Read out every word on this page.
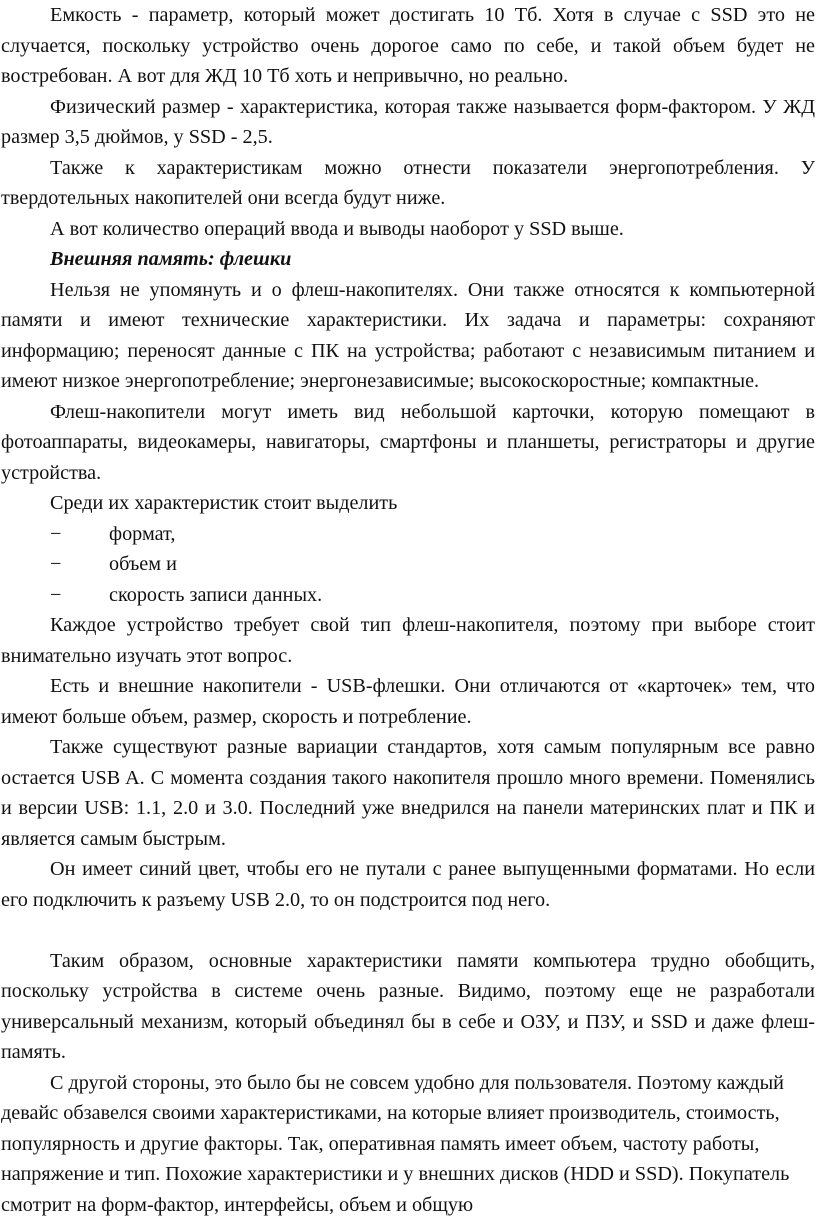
Емкость - параметр, который может достигать 10 Тб. Хотя в случае с SSD это не случается, поскольку устройство очень дорогое само по себе, и такой объем будет не востребован. А вот для ЖД 10 Тб хоть и непривычно, но реально.

Физический размер - характеристика, которая также называется форм-фактором. У ЖД размер 3,5 дюймов, у SSD - 2,5.

Также к характеристикам можно отнести показатели энергопотребления. У твердотельных накопителей они всегда будут ниже.

А вот количество операций ввода и выводы наоборот у SSD выше.

Внешняя память: флешки

Нельзя не упомянуть и о флеш-накопителях. Они также относятся к компьютерной памяти и имеют технические характеристики. Их задача и параметры: сохраняют информацию; переносят данные с ПК на устройства; работают с независимым питанием и имеют низкое энергопотребление; энергонезависимые; высокоскоростные; компактные.

Флеш-накопители могут иметь вид небольшой карточки, которую помещают в фотоаппараты, видеокамеры, навигаторы, смартфоны и планшеты, регистраторы и другие устройства.

Среди их характеристик стоит выделить

−	формат,
−	объем и
−	скорость записи данных.

Каждое устройство требует свой тип флеш-накопителя, поэтому при выборе стоит внимательно изучать этот вопрос.

Есть и внешние накопители - USB-флешки. Они отличаются от «карточек» тем, что имеют больше объем, размер, скорость и потребление.

Также существуют разные вариации стандартов, хотя самым популярным все равно остается USB A. С момента создания такого накопителя прошло много времени. Поменялись и версии USB: 1.1, 2.0 и 3.0. Последний уже внедрился на панели материнских плат и ПК и является самым быстрым.

Он имеет синий цвет, чтобы его не путали с ранее выпущенными форматами. Но если его подключить к разъему USB 2.0, то он подстроится под него.

Таким образом, основные характеристики памяти компьютера трудно обобщить, поскольку устройства в системе очень разные. Видимо, поэтому еще не разработали универсальный механизм, который объединял бы в себе и ОЗУ, и ПЗУ, и SSD и даже флеш-память.

С другой стороны, это было бы не совсем удобно для пользователя. Поэтому каждый девайс обзавелся своими характеристиками, на которые влияет производитель, стоимость, популярность и другие факторы. Так, оперативная память имеет объем, частоту работы, напряжение и тип. Похожие характеристики и у внешних дисков (HDD и SSD). Покупатель смотрит на форм-фактор, интерфейсы, объем и общую
